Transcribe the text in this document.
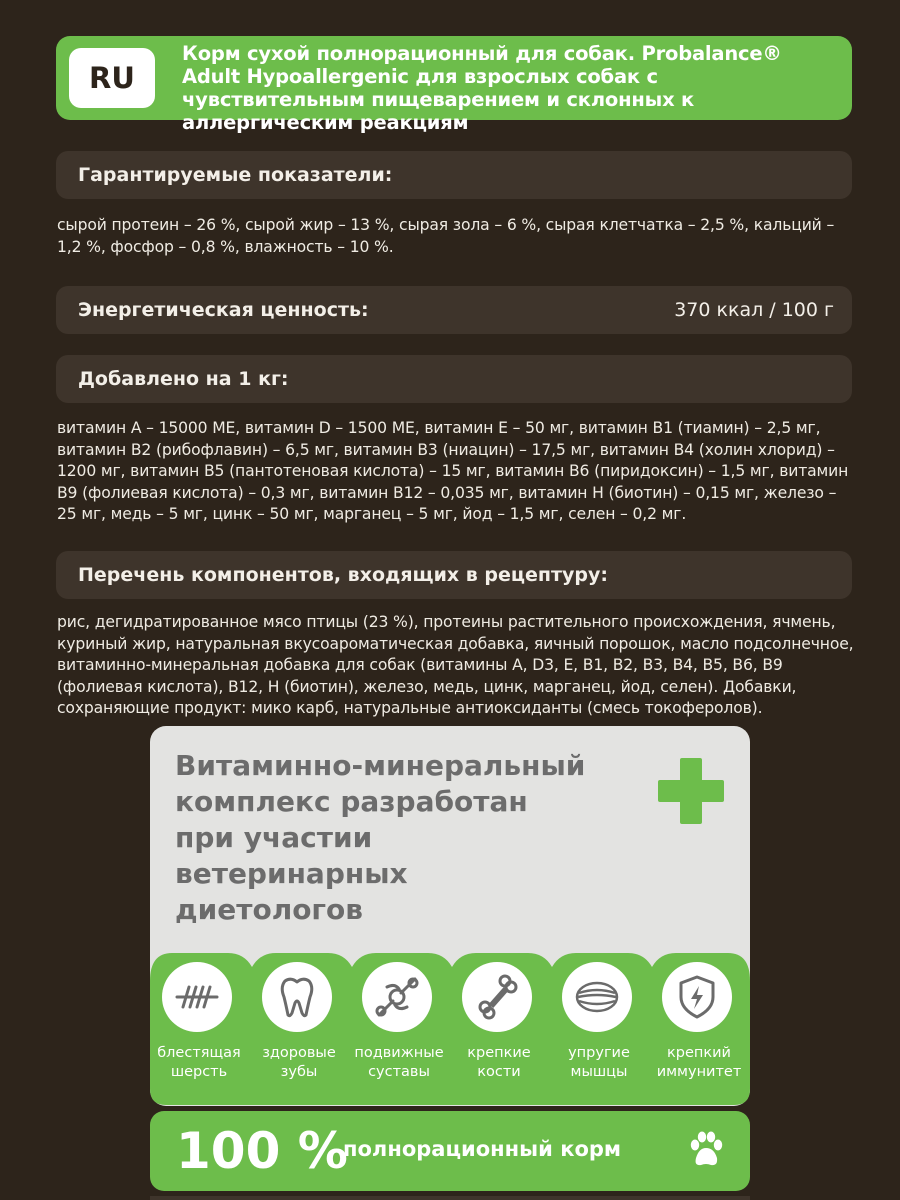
RU
Корм сухой полнорационный для собак. Probalance® Adult Hypoallergenic для взрослых собак с чувствительным пищеварением и склонных к аллергическим реакциям
Гарантируемые показатели:
сырой протеин – 26 %, сырой жир – 13 %, сырая зола – 6 %, сырая клетчатка – 2,5 %, кальций – 1,2 %, фосфор – 0,8 %, влажность – 10 %.
Энергетическая ценность:	370 ккал / 100 г
Добавлено на 1 кг:
витамин А – 15000 МЕ, витамин D – 1500 МЕ, витамин Е – 50 мг, витамин В1 (тиамин) – 2,5 мг, витамин В2 (рибофлавин) – 6,5 мг, витамин В3 (ниацин) – 17,5 мг, витамин В4 (холин хлорид) – 1200 мг, витамин В5 (пантотеновая кислота) – 15 мг, витамин В6 (пиридоксин) – 1,5 мг, витамин В9 (фолиевая кислота) – 0,3 мг, витамин В12 – 0,035 мг, витамин Н (биотин) – 0,15 мг, железо – 25 мг, медь – 5 мг, цинк – 50 мг, марганец – 5 мг, йод – 1,5 мг, селен – 0,2 мг.
Перечень компонентов, входящих в рецептуру:
рис, дегидратированное мясо птицы (23 %), протеины растительного происхождения, ячмень, куриный жир, натуральная вкусоароматическая добавка, яичный порошок, масло подсолнечное, витаминно-минеральная добавка для собак (витамины А, D3, Е, В1, В2, В3, В4, В5, В6, В9 (фолиевая кислота), В12, Н (биотин), железо, медь, цинк, марганец, йод, селен). Добавки, сохраняющие продукт: мико карб, натуральные антиоксиданты (смесь токоферолов).
Витаминно-минеральный комплекс разработан при участии ветеринарных диетологов
блестящая
шерсть
здоровые
зубы
подвижные
суставы
крепкие
кости
упругие
мышцы
крепкий
иммунитет
100 %
полнорационный корм
